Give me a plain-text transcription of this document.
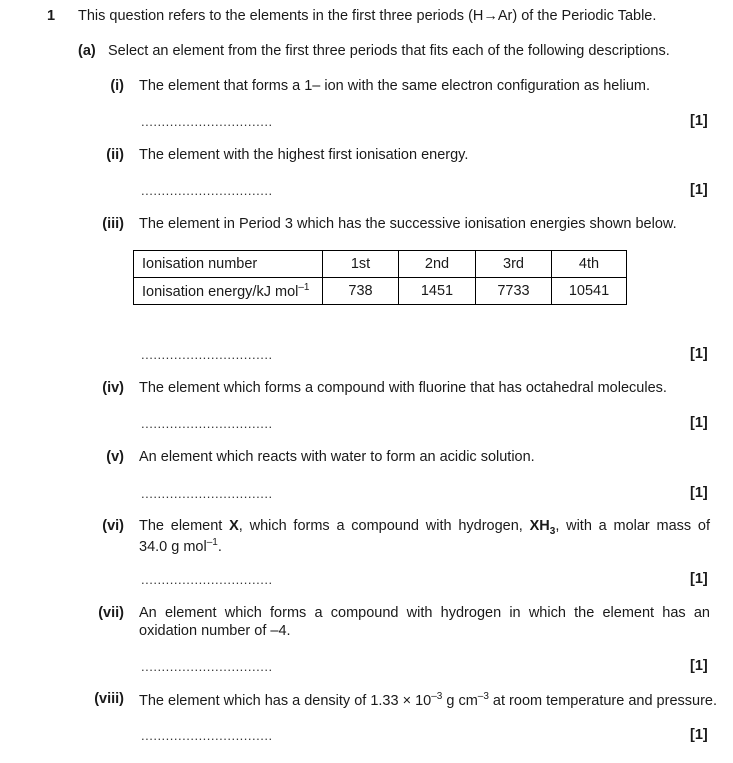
1 This question refers to the elements in the first three periods (H→Ar) of the Periodic Table.
(a) Select an element from the first three periods that fits each of the following descriptions.
(i) The element that forms a 1– ion with the same electron configuration as helium.
................................	[1]
(ii) The element with the highest first ionisation energy.
................................	[1]
(iii) The element in Period 3 which has the successive ionisation energies shown below.
Ionisation number	1st	2nd	3rd	4th
Ionisation energy/kJ mol$^{-1}$	738	1451	7733	10541
................................	[1]
(iv) The element which forms a compound with fluorine that has octahedral molecules.
................................	[1]
(v) An element which reacts with water to form an acidic solution.
................................	[1]
(vi) The element X, which forms a compound with hydrogen, $XH_3$, with a molar mass of
34.0 g mol$^{-1}$.
................................	[1]
(vii) An element which forms a compound with hydrogen in which the element has an
oxidation number of –4.
................................	[1]
(viii) The element which has a density of $1.33 \times 10^{-3}$ g $cm^{-3}$ at room temperature and pressure.
................................	[1]
